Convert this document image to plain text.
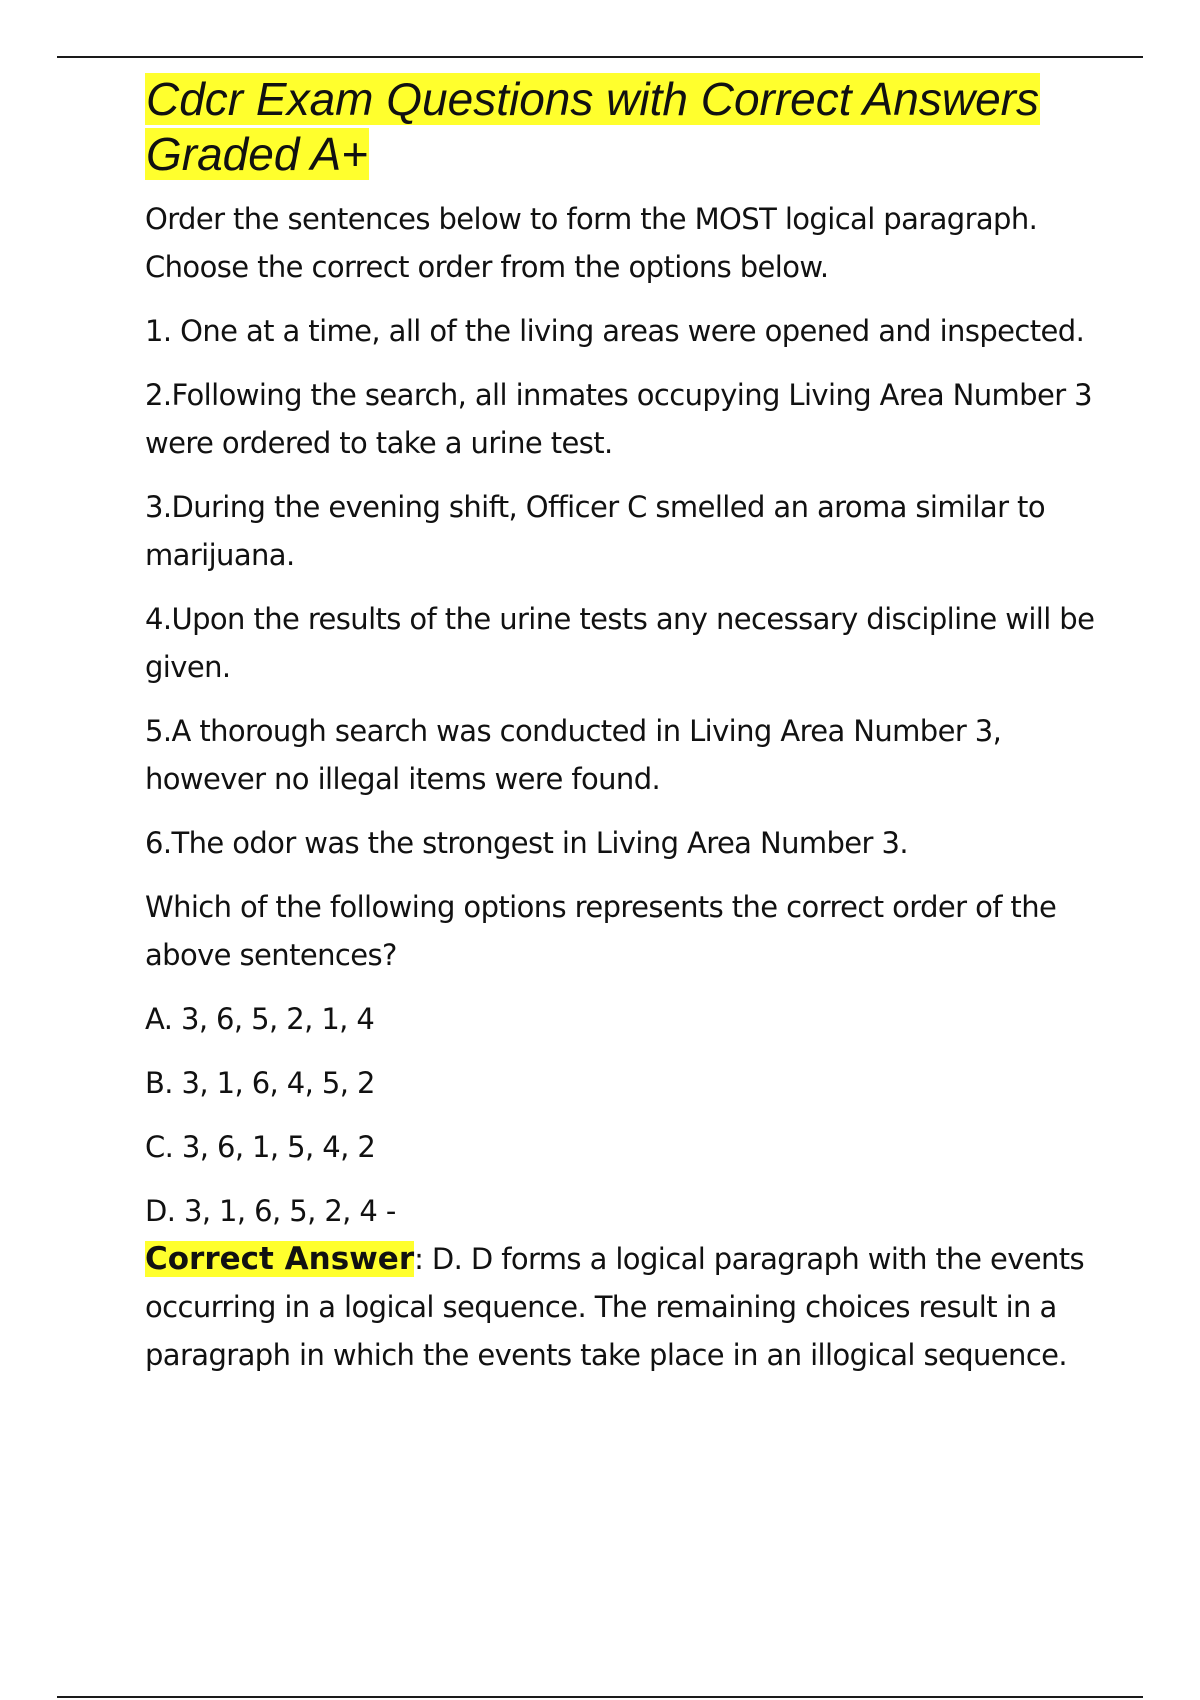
Cdcr Exam Questions with Correct Answers Graded A+

Order the sentences below to form the MOST logical paragraph. Choose the correct order from the options below.

1. One at a time, all of the living areas were opened and inspected.

2.Following the search, all inmates occupying Living Area Number 3 were ordered to take a urine test.

3.During the evening shift, Officer C smelled an aroma similar to marijuana.

4.Upon the results of the urine tests any necessary discipline will be given.

5.A thorough search was conducted in Living Area Number 3, however no illegal items were found.

6.The odor was the strongest in Living Area Number 3.

Which of the following options represents the correct order of the above sentences?

A. 3, 6, 5, 2, 1, 4

B. 3, 1, 6, 4, 5, 2

C. 3, 6, 1, 5, 4, 2

D. 3, 1, 6, 5, 2, 4 -

Correct Answer: D. D forms a logical paragraph with the events occurring in a logical sequence. The remaining choices result in a paragraph in which the events take place in an illogical sequence.
